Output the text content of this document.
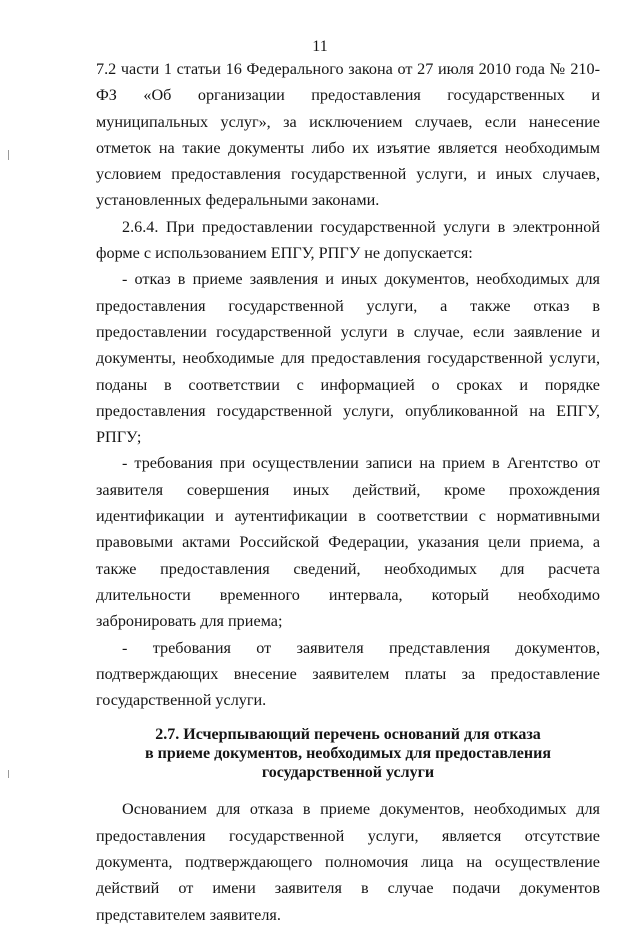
11

7.2 части 1 статьи 16 Федерального закона от 27 июля 2010 года № 210-ФЗ «Об организации предоставления государственных и муниципальных услуг», за исключением случаев, если нанесение отметок на такие документы либо их изъятие является необходимым условием предоставления государственной услуги, и иных случаев, установленных федеральными законами.

2.6.4. При предоставлении государственной услуги в электронной форме с использованием ЕПГУ, РПГУ не допускается:

- отказ в приеме заявления и иных документов, необходимых для предоставления государственной услуги, а также отказ в предоставлении государственной услуги в случае, если заявление и документы, необходимые для предоставления государственной услуги, поданы в соответствии с информацией о сроках и порядке предоставления государственной услуги, опубликованной на ЕПГУ, РПГУ;

- требования при осуществлении записи на прием в Агентство от заявителя совершения иных действий, кроме прохождения идентификации и аутентификации в соответствии с нормативными правовыми актами Российской Федерации, указания цели приема, а также предоставления сведений, необходимых для расчета длительности временного интервала, который необходимо забронировать для приема;

- требования от заявителя представления документов, подтверждающих внесение заявителем платы за предоставление государственной услуги.

2.7. Исчерпывающий перечень оснований для отказа
в приеме документов, необходимых для предоставления
государственной услуги

Основанием для отказа в приеме документов, необходимых для предоставления государственной услуги, является отсутствие документа, подтверждающего полномочия лица на осуществление действий от имени заявителя в случае подачи документов представителем заявителя.
